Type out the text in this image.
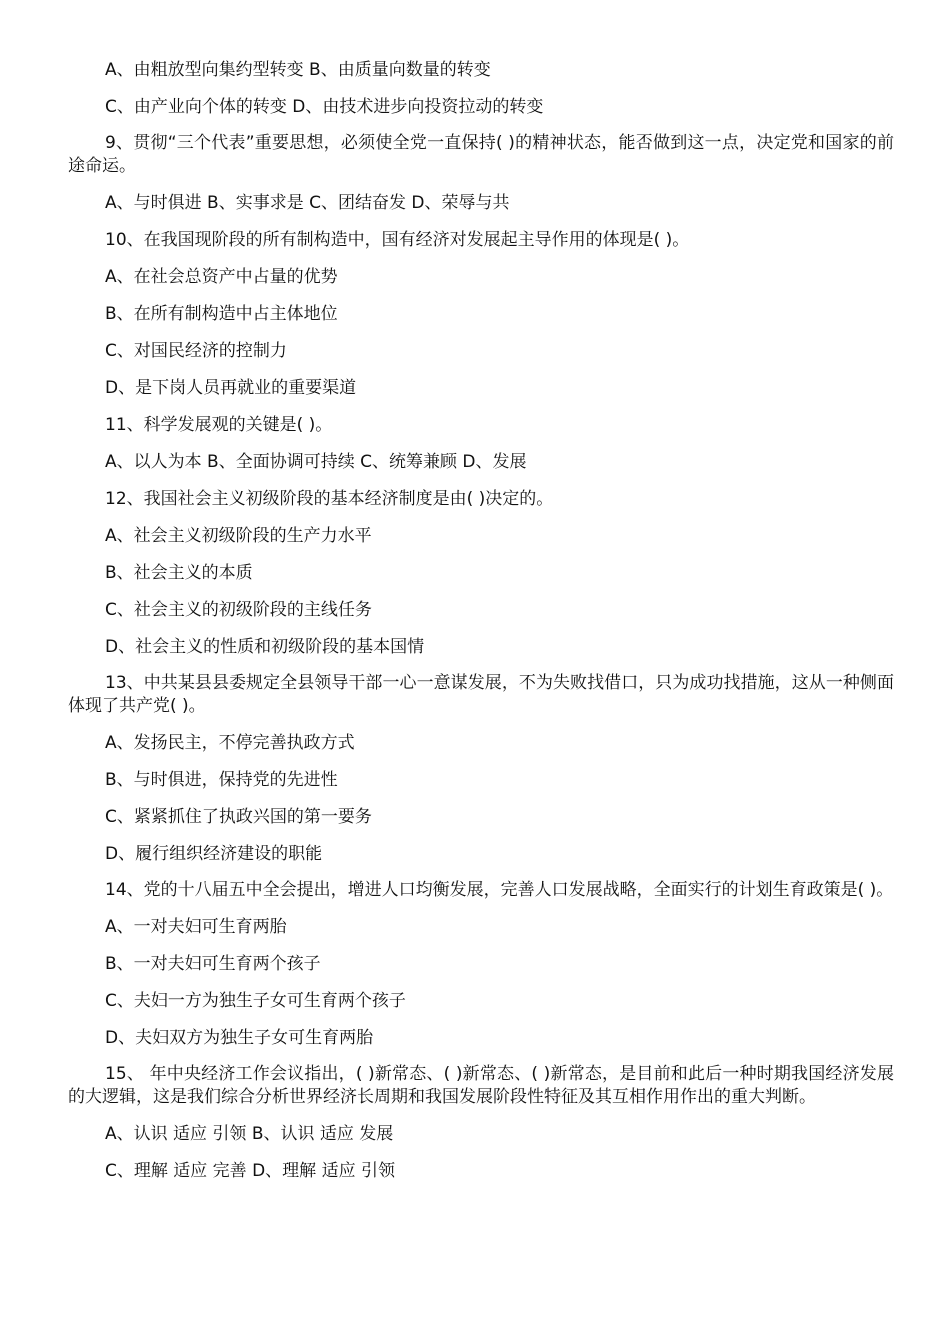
A、由粗放型向集约型转变 B、由质量向数量的转变

C、由产业向个体的转变 D、由技术进步向投资拉动的转变

9、贯彻“三个代表”重要思想，必须使全党一直保持( )的精神状态，能否做到这一点，决定党和国家的前途命运。

A、与时俱进 B、实事求是 C、团结奋发 D、荣辱与共

10、在我国现阶段的所有制构造中，国有经济对发展起主导作用的体现是( )。

A、在社会总资产中占量的优势

B、在所有制构造中占主体地位

C、对国民经济的控制力

D、是下岗人员再就业的重要渠道

11、科学发展观的关键是( )。

A、以人为本 B、全面协调可持续 C、统筹兼顾 D、发展

12、我国社会主义初级阶段的基本经济制度是由( )决定的。

A、社会主义初级阶段的生产力水平

B、社会主义的本质

C、社会主义的初级阶段的主线任务

D、社会主义的性质和初级阶段的基本国情

13、中共某县县委规定全县领导干部一心一意谋发展，不为失败找借口，只为成功找措施，这从一种侧面体现了共产党( )。

A、发扬民主，不停完善执政方式

B、与时俱进，保持党的先进性

C、紧紧抓住了执政兴国的第一要务

D、履行组织经济建设的职能

14、党的十八届五中全会提出，增进人口均衡发展，完善人口发展战略，全面实行的计划生育政策是( )。

A、一对夫妇可生育两胎

B、一对夫妇可生育两个孩子

C、夫妇一方为独生子女可生育两个孩子

D、夫妇双方为独生子女可生育两胎

15、 年中央经济工作会议指出，( )新常态、( )新常态、( )新常态，是目前和此后一种时期我国经济发展的大逻辑，这是我们综合分析世界经济长周期和我国发展阶段性特征及其互相作用作出的重大判断。

A、认识 适应 引领 B、认识 适应 发展

C、理解 适应 完善 D、理解 适应 引领
